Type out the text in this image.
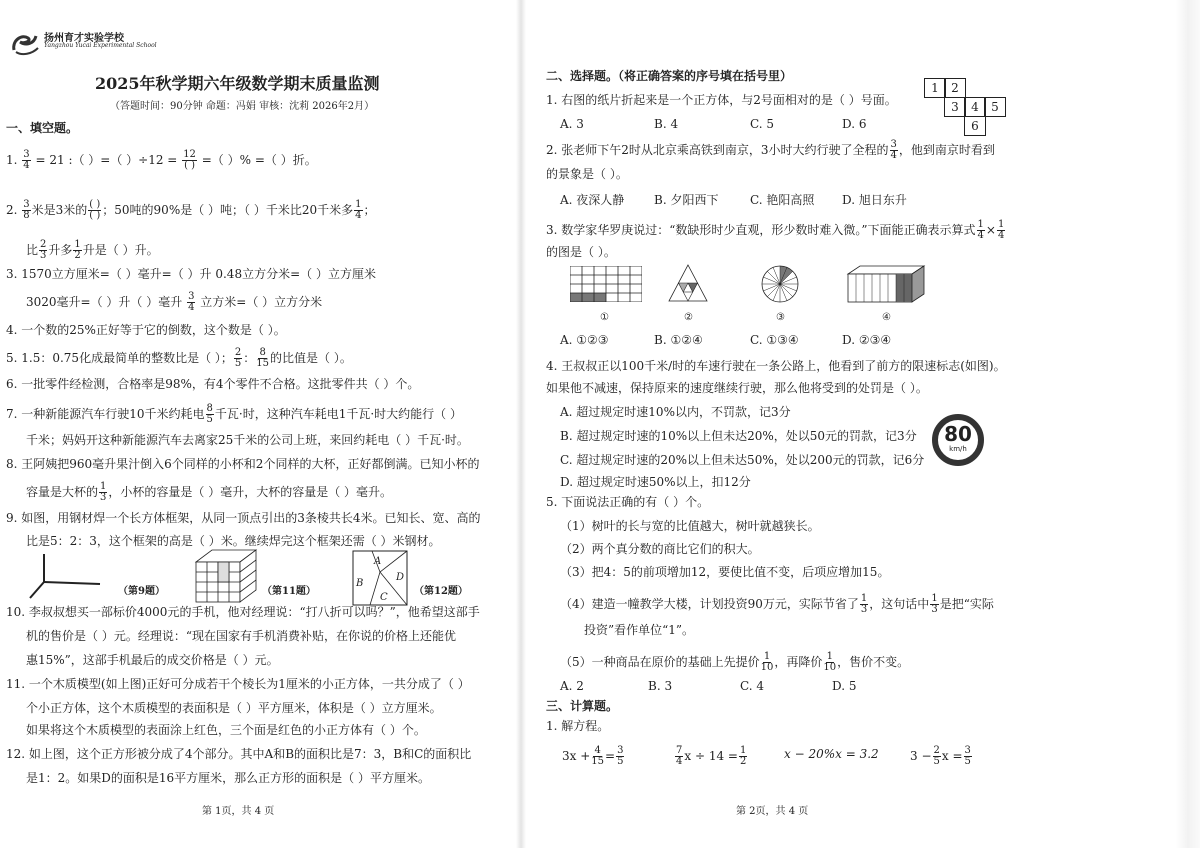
扬州育才实验学校
Yangzhou Yucai Experimental School
2025年秋学期六年级数学期末质量监测
（答题时间：90分钟 命题：冯娟 审核：沈莉 2026年2月）
一、填空题。
1. $\frac{3}{4} = 21$ :（ ）=（ ）$\div 12 = \frac{12}{( )}$ =（ ）% =（ ）折。
2. $\frac{3}{8}$ 米是3米的 $\frac{( )}{( )}$ ；50吨的90%是（ ）吨；（ ）千米比20千米多 $\frac{1}{4}$ ；
比 $\frac{2}{3}$ 升多 $\frac{1}{2}$ 升是（ ）升。
3. 1570立方厘米=（ ）毫升=（ ）升 0.48立方分米=（ ）立方厘米
3020毫升=（ ）升（ ）毫升 $\frac{3}{4}$ 立方米=（ ）立方分米
4. 一个数的25%正好等于它的倒数，这个数是（ ）。
5. 1.5：0.75化成最简单的整数比是（ ）； $\frac{2}{5}$ ： $\frac{8}{15}$ 的比值是（ ）。
6. 一批零件经检测，合格率是98%，有4个零件不合格。这批零件共（ ）个。
7. 一种新能源汽车行驶10千米约耗电 $\frac{8}{5}$ 千瓦·时，这种汽车耗电1千瓦·时大约能行（ ）
千米；妈妈开这种新能源汽车去离家25千米的公司上班，来回约耗电（ ）千瓦·时。
8. 王阿姨把960毫升果汁倒入6个同样的小杯和2个同样的大杯，正好都倒满。已知小杯的
容量是大杯的 $\frac{1}{3}$ ，小杯的容量是（ ）毫升，大杯的容量是（ ）毫升。
9. 如图，用钢材焊一个长方体框架，从同一顶点引出的3条棱共长4米。已知长、宽、高的
比是5：2：3，这个框架的高是（ ）米。继续焊完这个框架还需（ ）米钢材。
（第9题）	（第11题）
A
B
C
D
（第12题）
10. 李叔叔想买一部标价4000元的手机，他对经理说：“打八折可以吗？”，他希望这部手
机的售价是（ ）元。经理说：“现在国家有手机消费补贴，在你说的价格上还能优
惠15%”，这部手机最后的成交价格是（ ）元。
11. 一个木质模型(如上图)正好可分成若干个棱长为1厘米的小正方体，一共分成了（ ）
个小正方体，这个木质模型的表面积是（ ）平方厘米，体积是（ ）立方厘米。
如果将这个木质模型的表面涂上红色，三个面是红色的小正方体有（ ）个。
12. 如上图，这个正方形被分成了4个部分。其中A和B的面积比是7：3，B和C的面积比
是1：2。如果D的面积是16平方厘米，那么正方形的面积是（ ）平方厘米。
第 1页，共 4 页
二、选择题。（将正确答案的序号填在括号里）
1	2
3	4	5
6
1. 右图的纸片折起来是一个正方体，与2号面相对的是（ ）号面。
A. 3	B. 4	C. 5	D. 6
2. 张老师下午2时从北京乘高铁到南京，3小时大约行驶了全程的 $\frac{3}{4}$ ，他到南京时看到
的景象是（ ）。
A. 夜深人静 B. 夕阳西下	C. 艳阳高照 D. 旭日东升
3. 数学家华罗庚说过：“数缺形时少直观，形少数时难入微。”下面能正确表示算式 $\frac{1}{4} \times \frac{1}{4}$
的图是（ ）。
①	②	③	④
A. ①②③	B. ①②④	C. ①③④	D. ②③④
4. 王叔叔正以100千米/时的车速行驶在一条公路上，他看到了前方的限速标志(如图)。
如果他不减速，保持原来的速度继续行驶，那么他将受到的处罚是（ ）。
A. 超过规定时速10%以内，不罚款，记3分
B. 超过规定时速的10%以上但未达20%，处以50元的罚款，记3分
C. 超过规定时速的20%以上但未达50%，处以200元的罚款，记6分
D. 超过规定时速50%以上，扣12分
80
km/h
5. 下面说法正确的有（ ）个。
（1）树叶的长与宽的比值越大，树叶就越狭长。
（2）两个真分数的商比它们的积大。
（3）把4：5的前项增加12，要使比值不变，后项应增加15。
（4）建造一幢教学大楼，计划投资90万元，实际节省了 $\frac{1}{3}$ ，这句话中 $\frac{1}{3}$ 是把“实际
投资”看作单位“1”。
（5）一种商品在原价的基础上先提价 $\frac{1}{10}$ ，再降价 $\frac{1}{10}$ ，售价不变。
A. 2	B. 3	C. 4	D. 5
三、计算题。
1. 解方程。
$3x + \frac{4}{15} = \frac{3}{5}$	$\frac{7}{4}$ $x \div 14 = \frac{1}{2}$	x − 20%x = 3.2	$3 - \frac{2}{5}$ $x = \frac{3}{5}$
第 2页，共 4 页
